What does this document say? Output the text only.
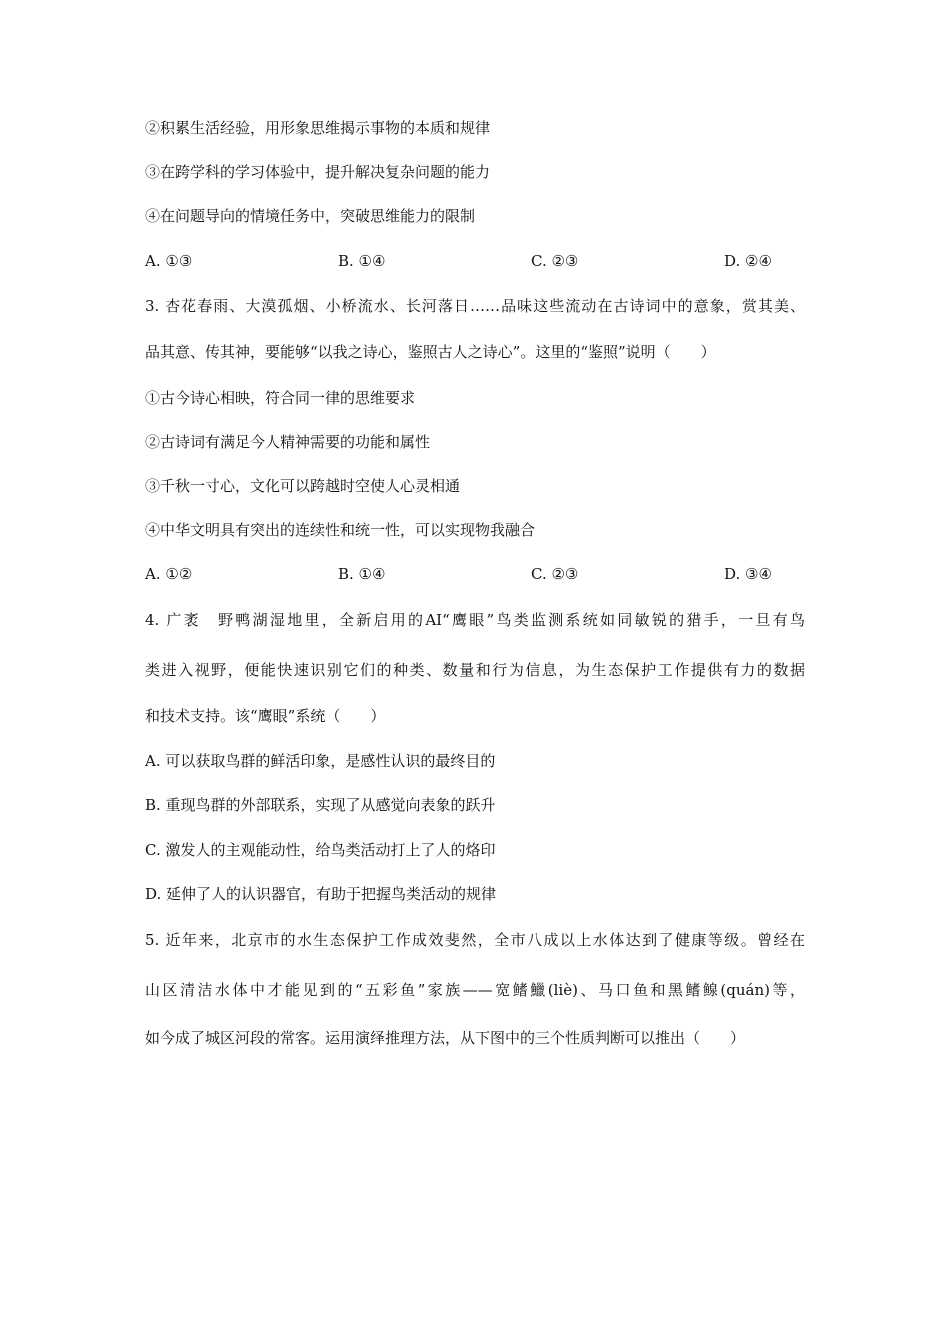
②积累生活经验，用形象思维揭示事物的本质和规律
③在跨学科的学习体验中，提升解决复杂问题的能力
④在问题导向的情境任务中，突破思维能力的限制
A. ①③	B. ①④	C. ②③	D. ②④
3. 杏花春雨、大漠孤烟、小桥流水、长河落日……品味这些流动在古诗词中的意象，赏其美、
品其意、传其神，要能够“以我之诗心，鉴照古人之诗心”。这里的“鉴照”说明（　　）
①古今诗心相映，符合同一律的思维要求
②古诗词有满足今人精神需要的功能和属性
③千秋一寸心，文化可以跨越时空使人心灵相通
④中华文明具有突出的连续性和统一性，可以实现物我融合
A. ①②	B. ①④	C. ②③	D. ③④
4. 广袤　野鸭湖湿地里，全新启用的AI“鹰眼”鸟类监测系统如同敏锐的猎手，一旦有鸟
类进入视野，便能快速识别它们的种类、数量和行为信息，为生态保护工作提供有力的数据
和技术支持。该“鹰眼”系统（　　）
A. 可以获取鸟群的鲜活印象，是感性认识的最终目的
B. 重现鸟群的外部联系，实现了从感觉向表象的跃升
C. 激发人的主观能动性，给鸟类活动打上了人的烙印
D. 延伸了人的认识器官，有助于把握鸟类活动的规律
5. 近年来，北京市的水生态保护工作成效斐然，全市八成以上水体达到了健康等级。曾经在
山区清洁水体中才能见到的“五彩鱼”家族——宽鳍鱲(liè)、马口鱼和黑鳍鳈(quán)等，
如今成了城区河段的常客。运用演绎推理方法，从下图中的三个性质判断可以推出（　　）
